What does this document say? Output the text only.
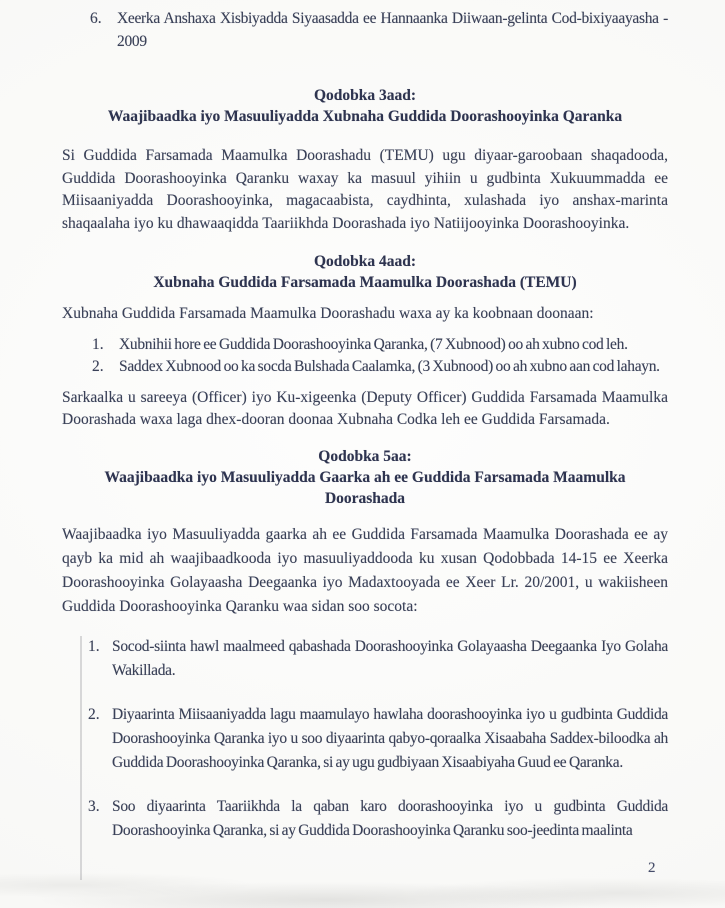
6. Xeerka Anshaxa Xisbiyadda Siyaasadda ee Hannaanka Diiwaan-gelinta Cod-bixiyaayasha - 2009
Qodobka 3aad:
Waajibaadka iyo Masuuliyadda Xubnaha Guddida Doorashooyinka Qaranka

Si Guddida Farsamada Maamulka Doorashadu (TEMU) ugu diyaar-garoobaan shaqadooda, Guddida Doorashooyinka Qaranku waxay ka masuul yihiin u gudbinta Xukuummadda ee Miisaaniyadda Doorashooyinka, magacaabista, caydhinta, xulashada iyo anshax-marinta shaqaalaha iyo ku dhawaaqidda Taariikhda Doorashada iyo Natiijooyinka Doorashooyinka.

Qodobka 4aad:
Xubnaha Guddida Farsamada Maamulka Doorashada (TEMU)

Xubnaha Guddida Farsamada Maamulka Doorashadu waxa ay ka koobnaan doonaan:

1. Xubnihii hore ee Guddida Doorashooyinka Qaranka, (7 Xubnood) oo ah xubno cod leh.
2. Saddex Xubnood oo ka socda Bulshada Caalamka, (3 Xubnood) oo ah xubno aan cod lahayn.

Sarkaalka u sareeya (Officer) iyo Ku-xigeenka (Deputy Officer) Guddida Farsamada Maamulka Doorashada waxa laga dhex-dooran doonaa Xubnaha Codka leh ee Guddida Farsamada.

Qodobka 5aa:
Waajibaadka iyo Masuuliyadda Gaarka ah ee Guddida Farsamada Maamulka Doorashada

Waajibaadka iyo Masuuliyadda gaarka ah ee Guddida Farsamada Maamulka Doorashada ee ay qayb ka mid ah waajibaadkooda iyo masuuliyaddooda ku xusan Qodobbada 14-15 ee Xeerka Doorashooyinka Golayaasha Deegaanka iyo Madaxtooyada ee Xeer Lr. 20/2001, u wakiisheen Guddida Doorashooyinka Qaranku waa sidan soo socota:

1. Socod-siinta hawl maalmeed qabashada Doorashooyinka Golayaasha Deegaanka Iyo Golaha Wakillada.
2. Diyaarinta Miisaaniyadda lagu maamulayo hawlaha doorashooyinka iyo u gudbinta Guddida Doorashooyinka Qaranka iyo u soo diyaarinta qabyo-qoraalka Xisaabaha Saddex-biloodka ah Guddida Doorashooyinka Qaranka, si ay ugu gudbiyaan Xisaabiyaha Guud ee Qaranka.
3. Soo diyaarinta Taariikhda la qaban karo doorashooyinka iyo u gudbinta Guddida Doorashooyinka Qaranka, si ay Guddida Doorashooyinka Qaranku soo-jeedinta maalinta
2
